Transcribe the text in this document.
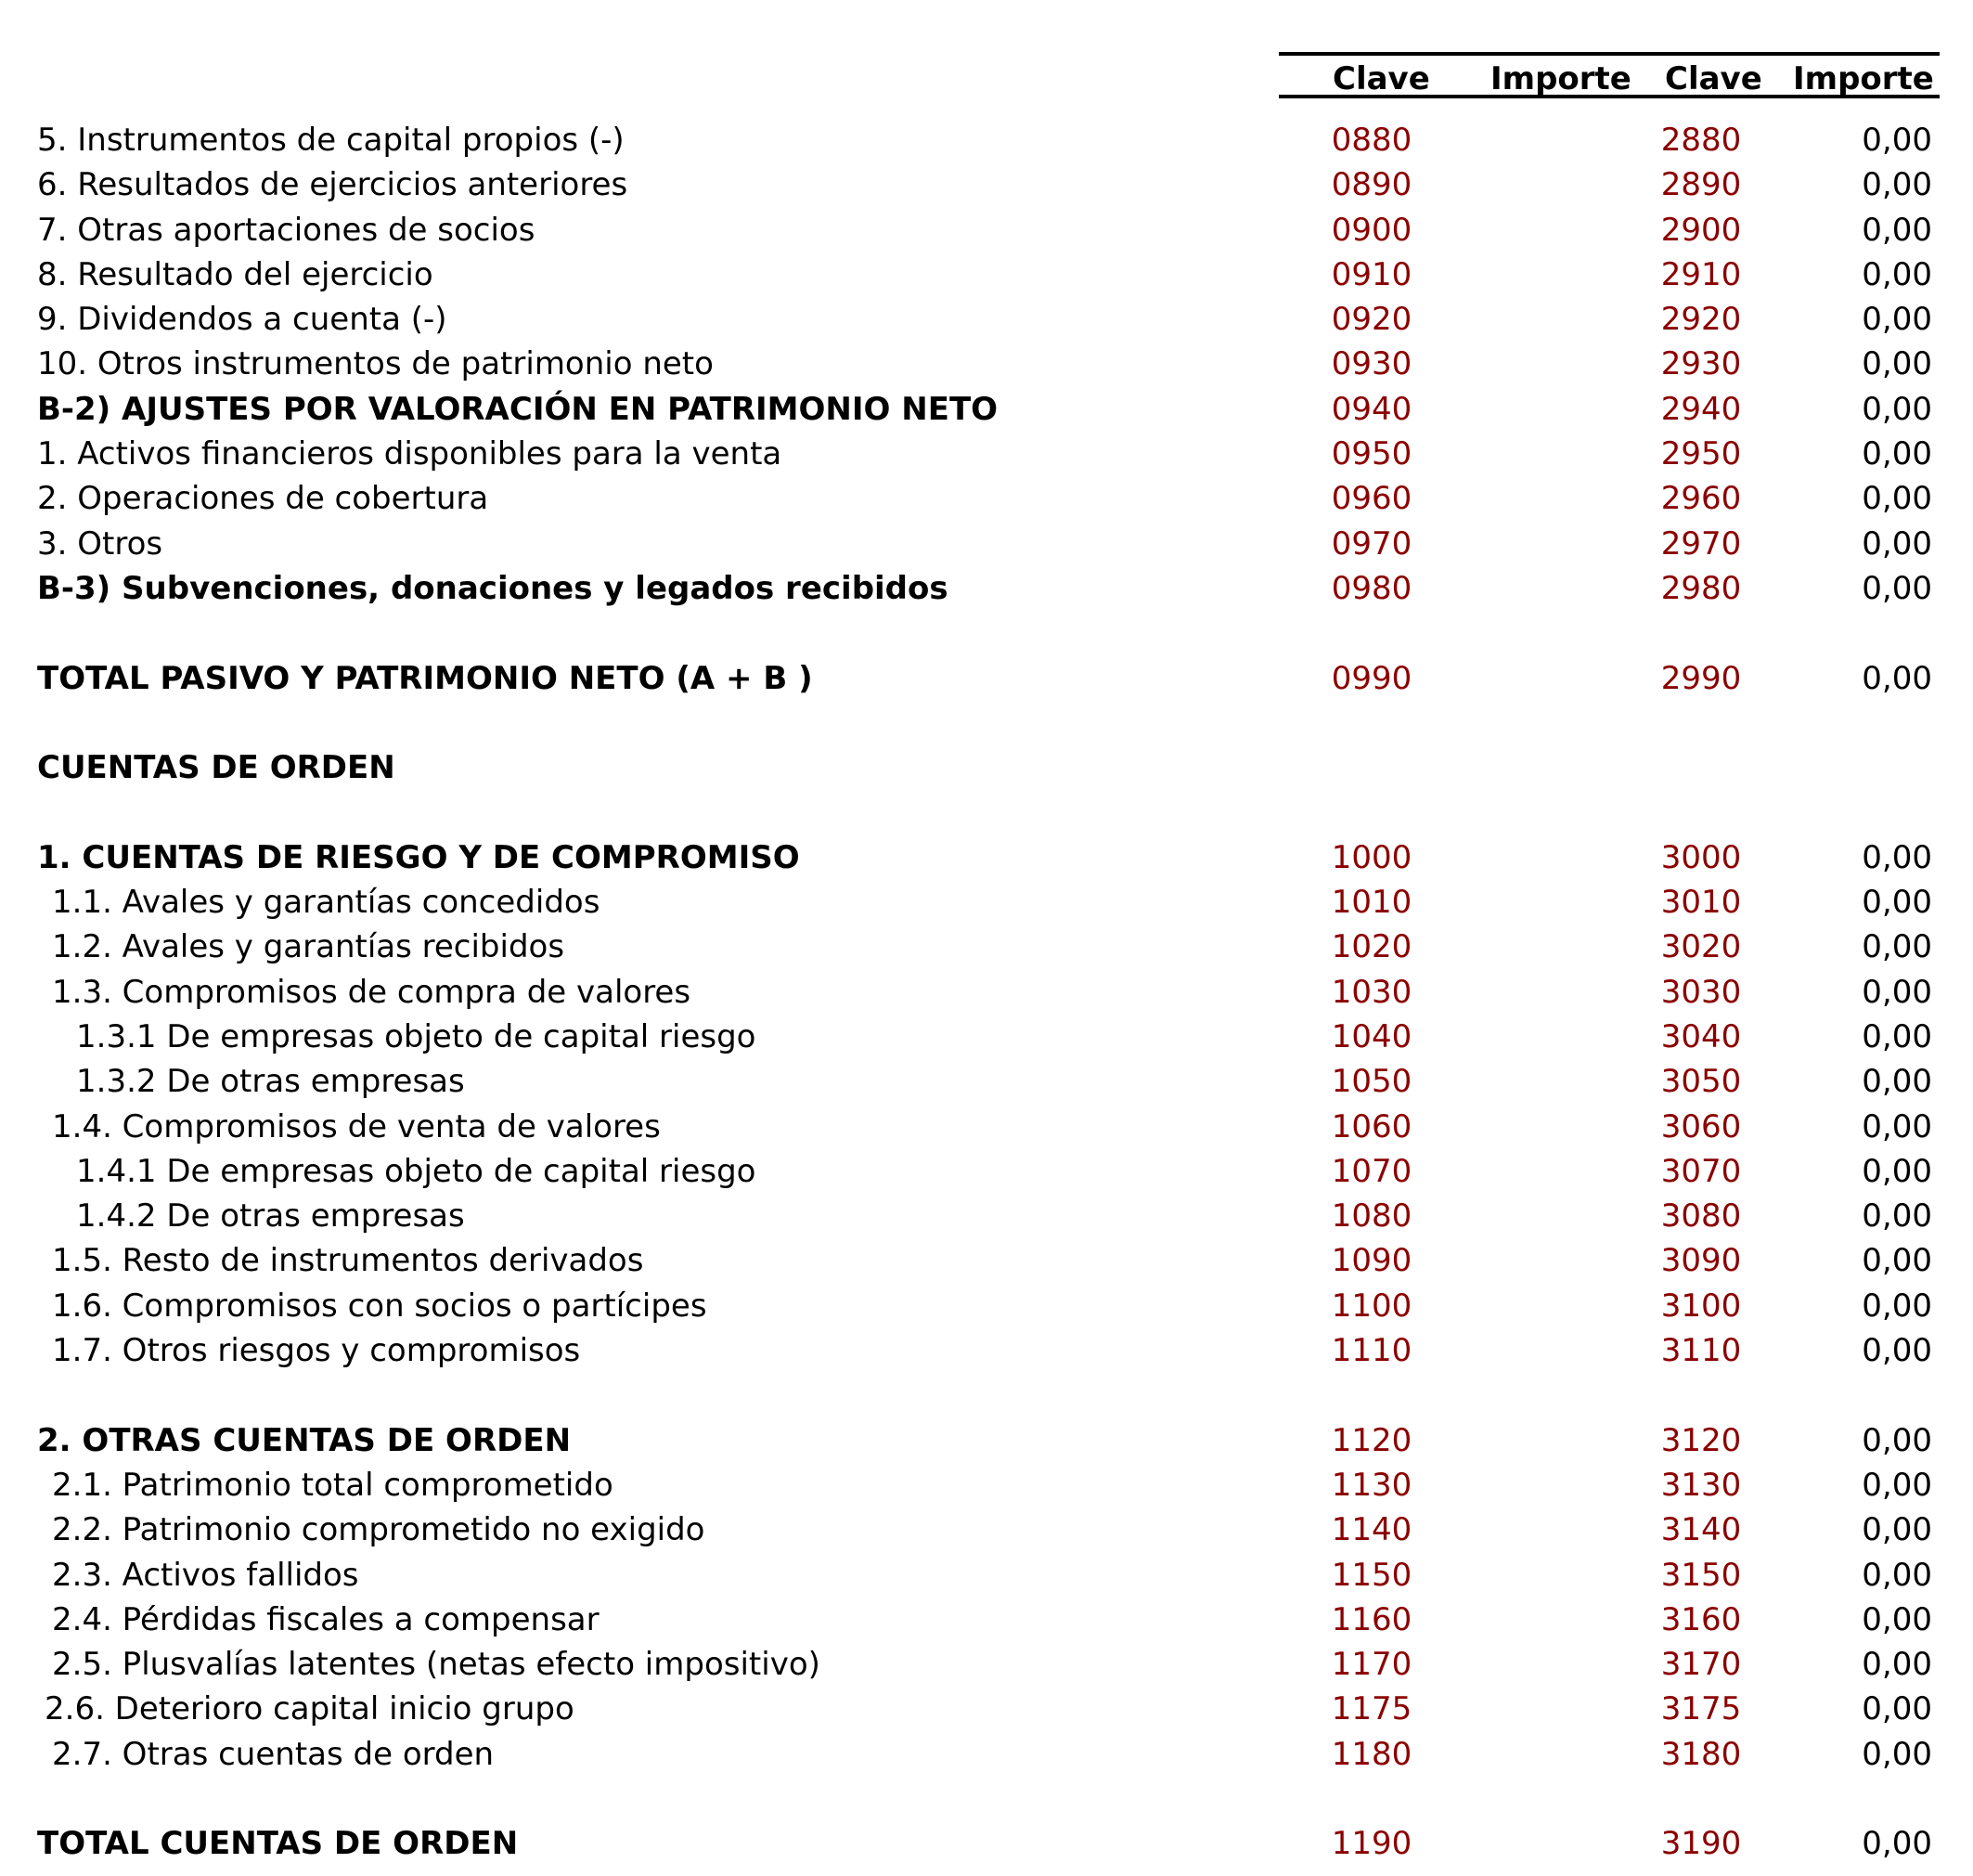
Clave Importe Clave Importe
5. Instrumentos de capital propios (-)	0880	2880	0,00
6. Resultados de ejercicios anteriores	0890	2890	0,00
7. Otras aportaciones de socios	0900	2900	0,00
8. Resultado del ejercicio	0910	2910	0,00
9. Dividendos a cuenta (-)	0920	2920	0,00
10. Otros instrumentos de patrimonio neto	0930	2930	0,00
B-2) AJUSTES POR VALORACIÓN EN PATRIMONIO NETO	0940	2940	0,00
1. Activos financieros disponibles para la venta	0950	2950	0,00
2. Operaciones de cobertura	0960	2960	0,00
3. Otros	0970	2970	0,00
B-3) Subvenciones, donaciones y legados recibidos	0980	2980	0,00
TOTAL PASIVO Y PATRIMONIO NETO (A + B )	0990	2990	0,00
CUENTAS DE ORDEN
1. CUENTAS DE RIESGO Y DE COMPROMISO	1000	3000	0,00
1.1. Avales y garantías concedidos	1010	3010	0,00
1.2. Avales y garantías recibidos	1020	3020	0,00
1.3. Compromisos de compra de valores	1030	3030	0,00
1.3.1 De empresas objeto de capital riesgo	1040	3040	0,00
1.3.2 De otras empresas	1050	3050	0,00
1.4. Compromisos de venta de valores	1060	3060	0,00
1.4.1 De empresas objeto de capital riesgo	1070	3070	0,00
1.4.2 De otras empresas	1080	3080	0,00
1.5. Resto de instrumentos derivados	1090	3090	0,00
1.6. Compromisos con socios o partícipes	1100	3100	0,00
1.7. Otros riesgos y compromisos	1110	3110	0,00
2. OTRAS CUENTAS DE ORDEN	1120	3120	0,00
2.1. Patrimonio total comprometido	1130	3130	0,00
2.2. Patrimonio comprometido no exigido	1140	3140	0,00
2.3. Activos fallidos	1150	3150	0,00
2.4. Pérdidas fiscales a compensar	1160	3160	0,00
2.5. Plusvalías latentes (netas efecto impositivo)	1170	3170	0,00
2.6. Deterioro capital inicio grupo	1175	3175	0,00
2.7. Otras cuentas de orden	1180	3180	0,00
TOTAL CUENTAS DE ORDEN	1190	3190	0,00
